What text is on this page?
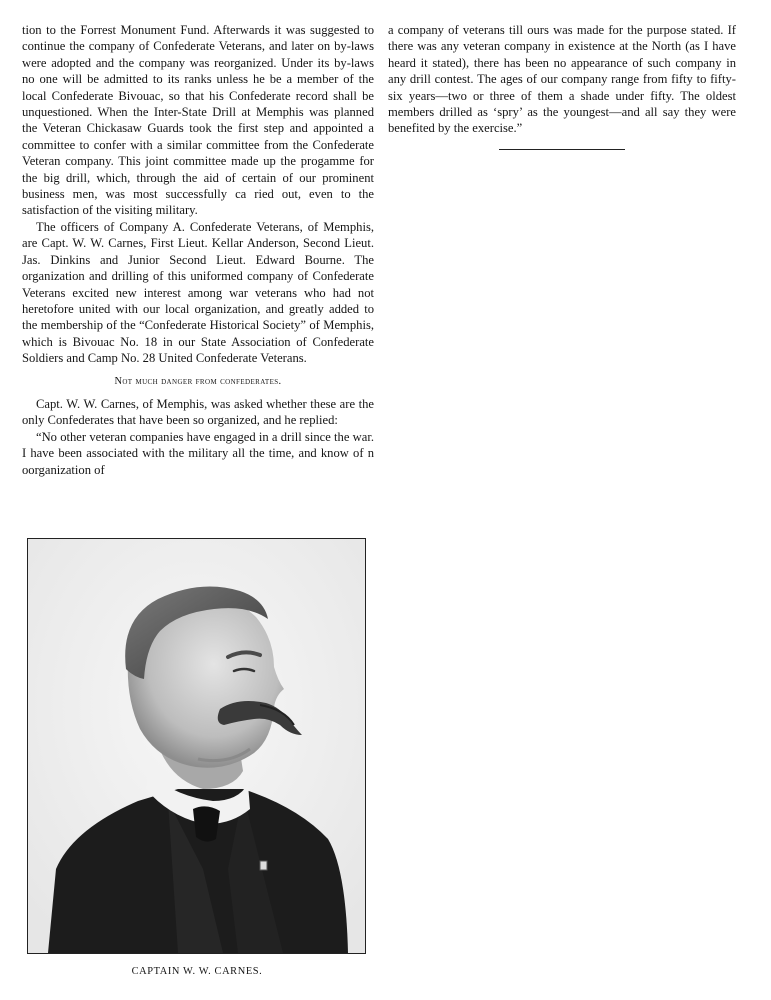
tion to the Forrest Monument Fund. Afterwards it was suggested to continue the company of Confederate Veterans, and later on by-laws were adopted and the company was reorganized. Under its by-laws no one will be admitted to its ranks unless he be a member of the local Confederate Bivouac, so that his Confederate record shall be unquestioned. When the Inter-State Drill at Memphis was planned the Veteran Chickasaw Guards took the first step and appointed a committee to confer with a similar committee from the Confederate Veteran company. This joint committee made up the progamme for the big drill, which, through the aid of certain of our prominent business men, was most successfully ca ried out, even to the satisfaction of the visiting military.

The officers of Company A. Confederate Veterans, of Memphis, are Capt. W. W. Carnes, First Lieut. Kellar Anderson, Second Lieut. Jas. Dinkins and Junior Second Lieut. Edward Bourne. The organization and drilling of this uniformed company of Confederate Veterans excited new interest among war veterans who had not heretofore united with our local organization, and greatly added to the membership of the “Confederate Historical Society” of Memphis, which is Bivouac No. 18 in our State Association of Confederate Soldiers and Camp No. 28 United Confederate Veterans.

Not much danger from confederates.

Capt. W. W. Carnes, of Memphis, was asked whether these are the only Confederates that have been so organized, and he replied:

“No other veteran companies have engaged in a drill since the war. I have been associated with the military all the time, and know of n oorganization of

a company of veterans till ours was made for the purpose stated. If there was any veteran company in existence at the North (as I have heard it stated), there has been no appearance of such company in any drill contest. The ages of our company range from fifty to fifty-six years—two or three of them a shade under fifty. The oldest members drilled as ‘spry’ as the youngest—and all say they were benefited by the exercise.”

CAPTAIN W. W. CARNES.
